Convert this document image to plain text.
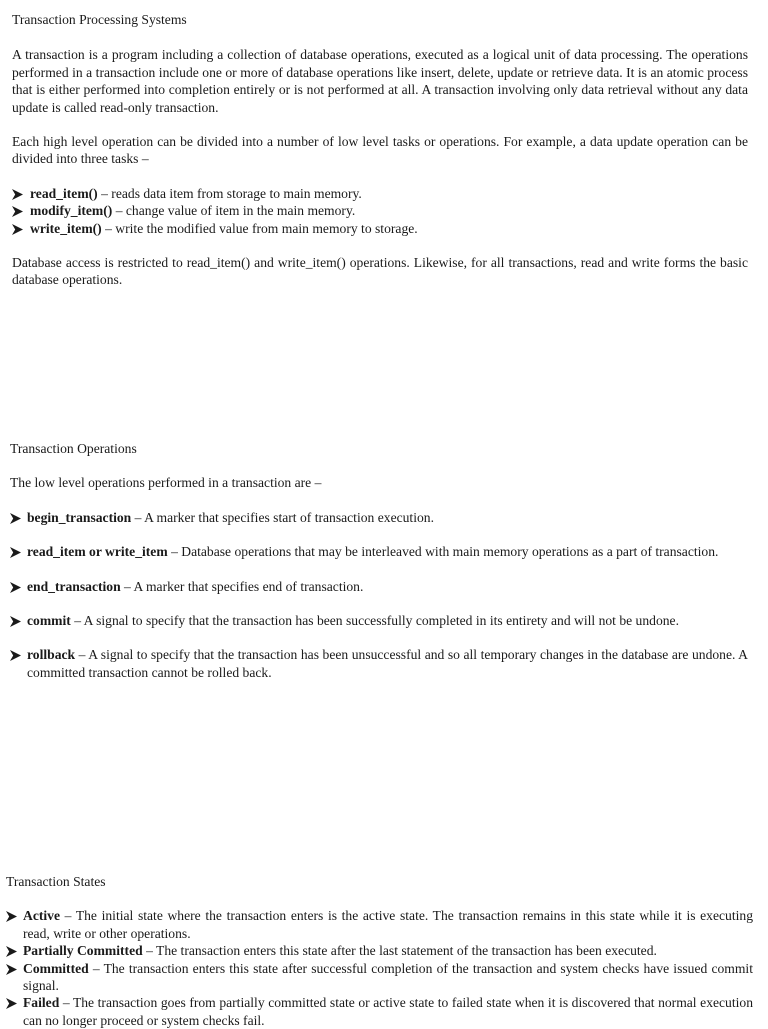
Transaction Processing Systems

A transaction is a program including a collection of database operations, executed as a logical unit of data processing. The operations performed in a transaction include one or more of database operations like insert, delete, update or retrieve data. It is an atomic process that is either performed into completion entirely or is not performed at all. A transaction involving only data retrieval without any data update is called read-only transaction.

Each high level operation can be divided into a number of low level tasks or operations. For example, a data update operation can be divided into three tasks –

read_item() – reads data item from storage to main memory.
modify_item() – change value of item in the main memory.
write_item() – write the modified value from main memory to storage.

Database access is restricted to read_item() and write_item() operations. Likewise, for all transactions, read and write forms the basic database operations.

Transaction Operations

The low level operations performed in a transaction are –

begin_transaction – A marker that specifies start of transaction execution.
read_item or write_item – Database operations that may be interleaved with main memory operations as a part of transaction.
end_transaction – A marker that specifies end of transaction.
commit – A signal to specify that the transaction has been successfully completed in its entirety and will not be undone.
rollback – A signal to specify that the transaction has been unsuccessful and so all temporary changes in the database are undone. A committed transaction cannot be rolled back.
Transaction States
Active – The initial state where the transaction enters is the active state. The transaction remains in this state while it is executing read, write or other operations.
Partially Committed – The transaction enters this state after the last statement of the transaction has been executed.
Committed – The transaction enters this state after successful completion of the transaction and system checks have issued commit signal.
Failed – The transaction goes from partially committed state or active state to failed state when it is discovered that normal execution can no longer proceed or system checks fail.
